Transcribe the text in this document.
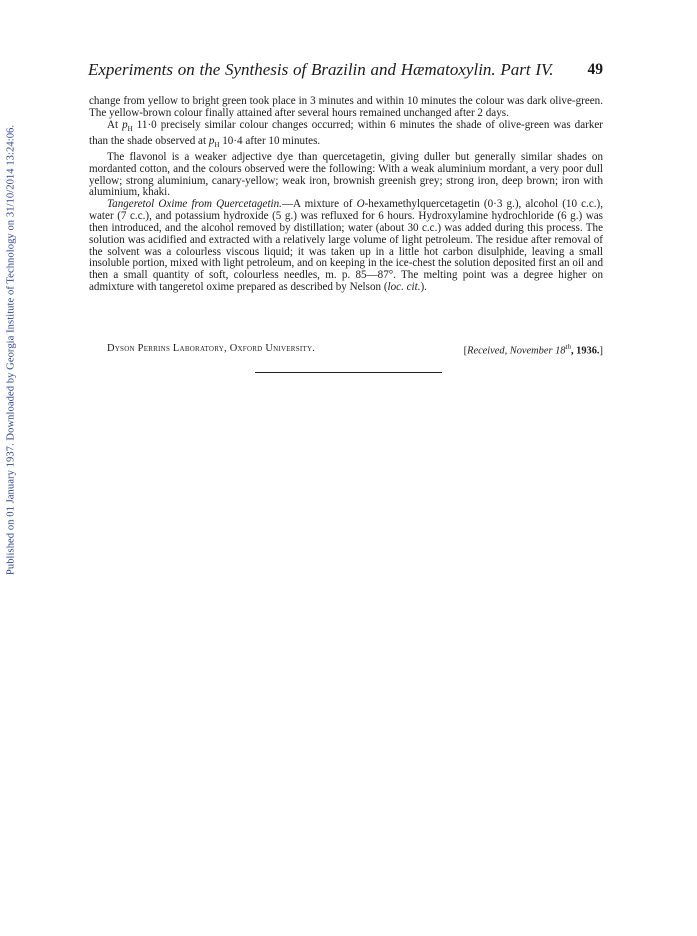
Published on 01 January 1937. Downloaded by Georgia Institute of Technology on 31/10/2014 13:24:06.
Experiments on the Synthesis of Brazilin and Hæmatoxylin. Part IV. 49

change from yellow to bright green took place in 3 minutes and within 10 minutes the colour was dark olive-green. The yellow-brown colour finally attained after several hours remained unchanged after 2 days.

At $p_H$ 11·0 precisely similar colour changes occurred; within 6 minutes the shade of olive-green was darker than the shade observed at $p_H$ 10·4 after 10 minutes.

The flavonol is a weaker adjective dye than quercetagetin, giving duller but generally similar shades on mordanted cotton, and the colours observed were the following: With a weak aluminium mordant, a very poor dull yellow; strong aluminium, canary-yellow; weak iron, brownish greenish grey; strong iron, deep brown; iron with aluminium, khaki.

Tangeretol Oxime from Quercetagetin.—A mixture of O-hexamethylquercetagetin (0·3 g.), alcohol (10 c.c.), water (7 c.c.), and potassium hydroxide (5 g.) was refluxed for 6 hours. Hydroxylamine hydrochloride (6 g.) was then introduced, and the alcohol removed by distillation; water (about 30 c.c.) was added during this process. The solution was acidified and extracted with a relatively large volume of light petroleum. The residue after removal of the solvent was a colourless viscous liquid; it was taken up in a little hot carbon disulphide, leaving a small insoluble portion, mixed with light petroleum, and on keeping in the ice-chest the solution deposited first an oil and then a small quantity of soft, colourless needles, m. p. 85—87°. The melting point was a degree higher on admixture with tangeretol oxime prepared as described by Nelson (loc. cit.).

Dyson Perrins Laboratory, Oxford University.	[Received, November 18th, 1936.]
